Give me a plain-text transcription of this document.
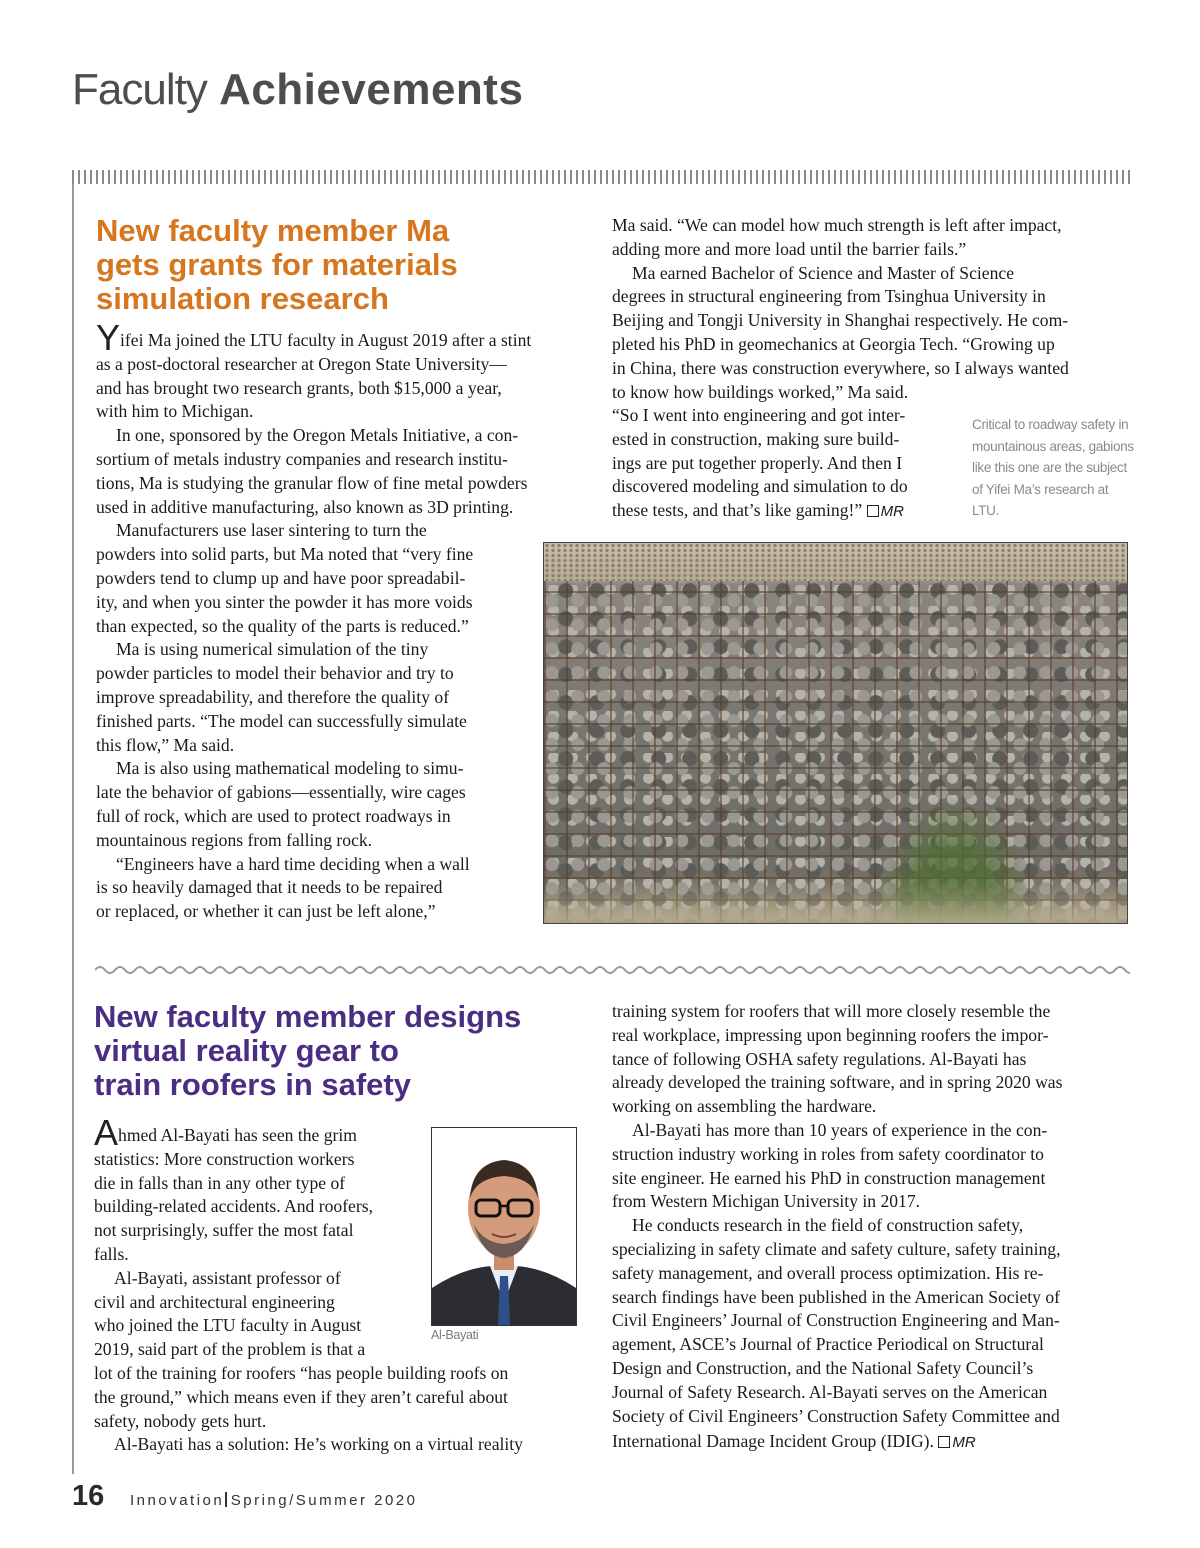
Faculty Achievements
New faculty member Ma
gets grants for materials
simulation research
Yifei Ma joined the LTU faculty in August 2019 after a stint
as a post-doctoral researcher at Oregon State University—
and has brought two research grants, both $15,000 a year,
with him to Michigan.
In one, sponsored by the Oregon Metals Initiative, a con-
sortium of metals industry companies and research institu-
tions, Ma is studying the granular flow of fine metal powders
used in additive manufacturing, also known as 3D printing.
Manufacturers use laser sintering to turn the
powders into solid parts, but Ma noted that “very fine
powders tend to clump up and have poor spreadabil-
ity, and when you sinter the powder it has more voids
than expected, so the quality of the parts is reduced.”
Ma is using numerical simulation of the tiny
powder particles to model their behavior and try to
improve spreadability, and therefore the quality of
finished parts. “The model can successfully simulate
this flow,” Ma said.
Ma is also using mathematical modeling to simu-
late the behavior of gabions—essentially, wire cages
full of rock, which are used to protect roadways in
mountainous regions from falling rock.
“Engineers have a hard time deciding when a wall
is so heavily damaged that it needs to be repaired
or replaced, or whether it can just be left alone,”
Ma said. “We can model how much strength is left after impact,
adding more and more load until the barrier fails.”
Ma earned Bachelor of Science and Master of Science
degrees in structural engineering from Tsinghua University in
Beijing and Tongji University in Shanghai respectively. He com-
pleted his PhD in geomechanics at Georgia Tech. “Growing up
in China, there was construction everywhere, so I always wanted
to know how buildings worked,” Ma said.
“So I went into engineering and got inter-
ested in construction, making sure build-
ings are put together properly. And then I
discovered modeling and simulation to do
these tests, and that’s like gaming!” MR
Critical to roadway safety in
mountainous areas, gabions
like this one are the subject
of Yifei Ma’s research at
LTU.
New faculty member designs
virtual reality gear to
train roofers in safety
Ahmed Al-Bayati has seen the grim
statistics: More construction workers
die in falls than in any other type of
building-related accidents. And roofers,
not surprisingly, suffer the most fatal
falls.
Al-Bayati, assistant professor of
civil and architectural engineering
who joined the LTU faculty in August
2019, said part of the problem is that a
lot of the training for roofers “has people building roofs on
the ground,” which means even if they aren’t careful about
safety, nobody gets hurt.
Al-Bayati has a solution: He’s working on a virtual reality
Al-Bayati
training system for roofers that will more closely resemble the
real workplace, impressing upon beginning roofers the impor-
tance of following OSHA safety regulations. Al-Bayati has
already developed the training software, and in spring 2020 was
working on assembling the hardware.
Al-Bayati has more than 10 years of experience in the con-
struction industry working in roles from safety coordinator to
site engineer. He earned his PhD in construction management
from Western Michigan University in 2017.
He conducts research in the field of construction safety,
specializing in safety climate and safety culture, safety training,
safety management, and overall process optimization. His re-
search findings have been published in the American Society of
Civil Engineers’ Journal of Construction Engineering and Man-
agement, ASCE’s Journal of Practice Periodical on Structural
Design and Construction, and the National Safety Council’s
Journal of Safety Research. Al-Bayati serves on the American
Society of Civil Engineers’ Construction Safety Committee and
International Damage Incident Group (IDIG). MR
16 Innovation Spring/Summer 2020
